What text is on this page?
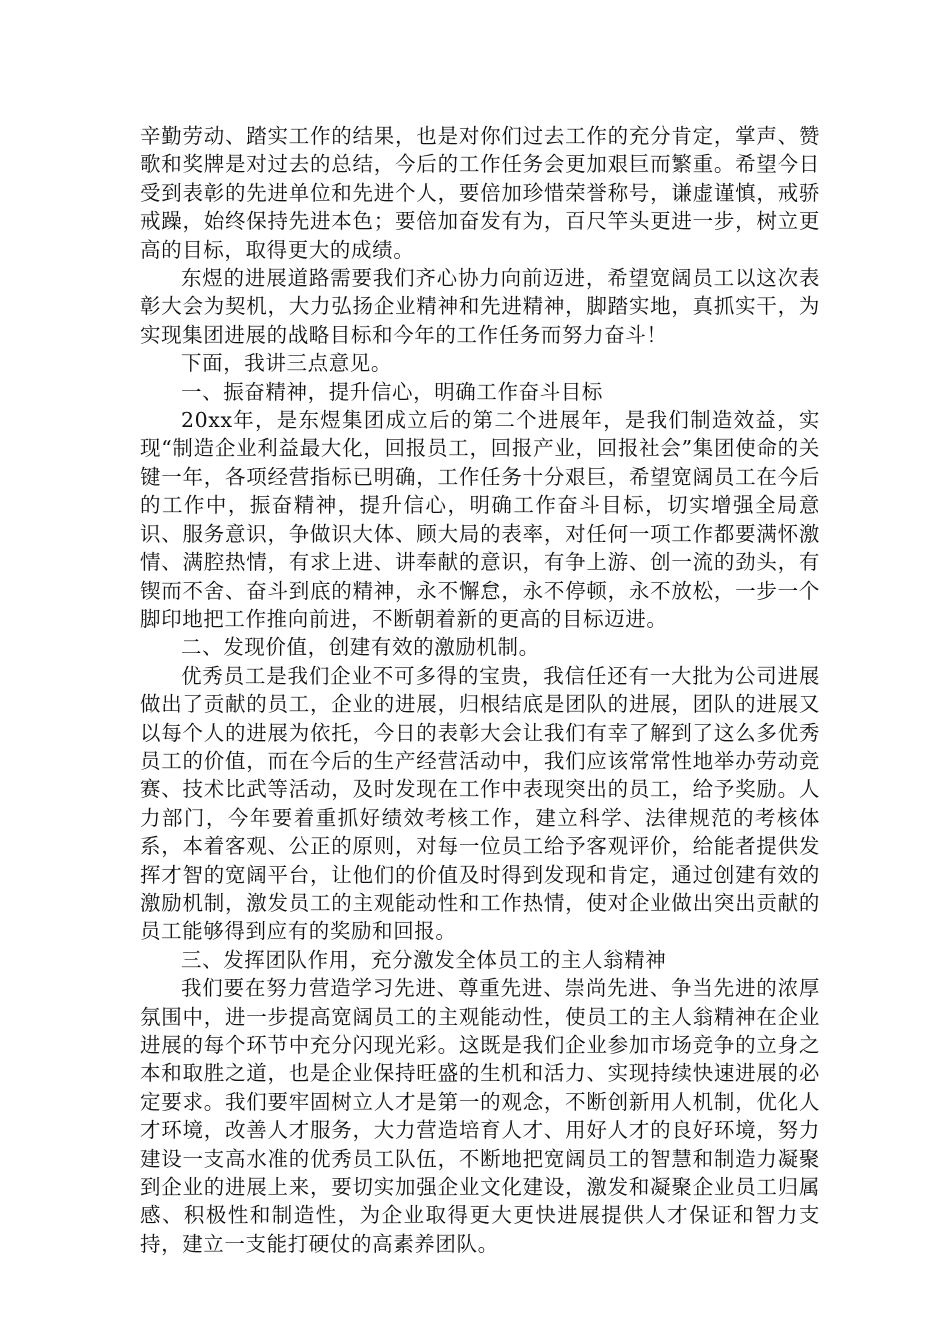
辛勤劳动、踏实工作的结果，也是对你们过去工作的充分肯定，掌声、赞歌和奖牌是对过去的总结，今后的工作任务会更加艰巨而繁重。希望今日受到表彰的先进单位和先进个人，要倍加珍惜荣誉称号，谦虚谨慎，戒骄戒躁，始终保持先进本色；要倍加奋发有为，百尺竿头更进一步，树立更高的目标，取得更大的成绩。

东煜的进展道路需要我们齐心协力向前迈进，希望宽阔员工以这次表彰大会为契机，大力弘扬企业精神和先进精神，脚踏实地，真抓实干，为实现集团进展的战略目标和今年的工作任务而努力奋斗！

下面，我讲三点意见。

一、振奋精神，提升信心，明确工作奋斗目标

20xx年，是东煜集团成立后的第二个进展年，是我们制造效益，实现“制造企业利益最大化，回报员工，回报产业，回报社会”集团使命的关键一年，各项经营指标已明确，工作任务十分艰巨，希望宽阔员工在今后的工作中，振奋精神，提升信心，明确工作奋斗目标，切实增强全局意识、服务意识，争做识大体、顾大局的表率，对任何一项工作都要满怀激情、满腔热情，有求上进、讲奉献的意识，有争上游、创一流的劲头，有锲而不舍、奋斗到底的精神，永不懈怠，永不停顿，永不放松，一步一个脚印地把工作推向前进，不断朝着新的更高的目标迈进。

二、发现价值，创建有效的激励机制。

优秀员工是我们企业不可多得的宝贵，我信任还有一大批为公司进展做出了贡献的员工，企业的进展，归根结底是团队的进展，团队的进展又以每个人的进展为依托，今日的表彰大会让我们有幸了解到了这么多优秀员工的价值，而在今后的生产经营活动中，我们应该常常性地举办劳动竞赛、技术比武等活动，及时发现在工作中表现突出的员工，给予奖励。人力部门，今年要着重抓好绩效考核工作，建立科学、法律规范的考核体系，本着客观、公正的原则，对每一位员工给予客观评价，给能者提供发挥才智的宽阔平台，让他们的价值及时得到发现和肯定，通过创建有效的激励机制，激发员工的主观能动性和工作热情，使对企业做出突出贡献的员工能够得到应有的奖励和回报。

三、发挥团队作用，充分激发全体员工的主人翁精神

我们要在努力营造学习先进、尊重先进、崇尚先进、争当先进的浓厚氛围中，进一步提高宽阔员工的主观能动性，使员工的主人翁精神在企业进展的每个环节中充分闪现光彩。这既是我们企业参加市场竞争的立身之本和取胜之道，也是企业保持旺盛的生机和活力、实现持续快速进展的必定要求。我们要牢固树立人才是第一的观念，不断创新用人机制，优化人才环境，改善人才服务，大力营造培育人才、用好人才的良好环境，努力建设一支高水准的优秀员工队伍，不断地把宽阔员工的智慧和制造力凝聚到企业的进展上来，要切实加强企业文化建设，激发和凝聚企业员工归属感、积极性和制造性，为企业取得更大更快进展提供人才保证和智力支持，建立一支能打硬仗的高素养团队。
